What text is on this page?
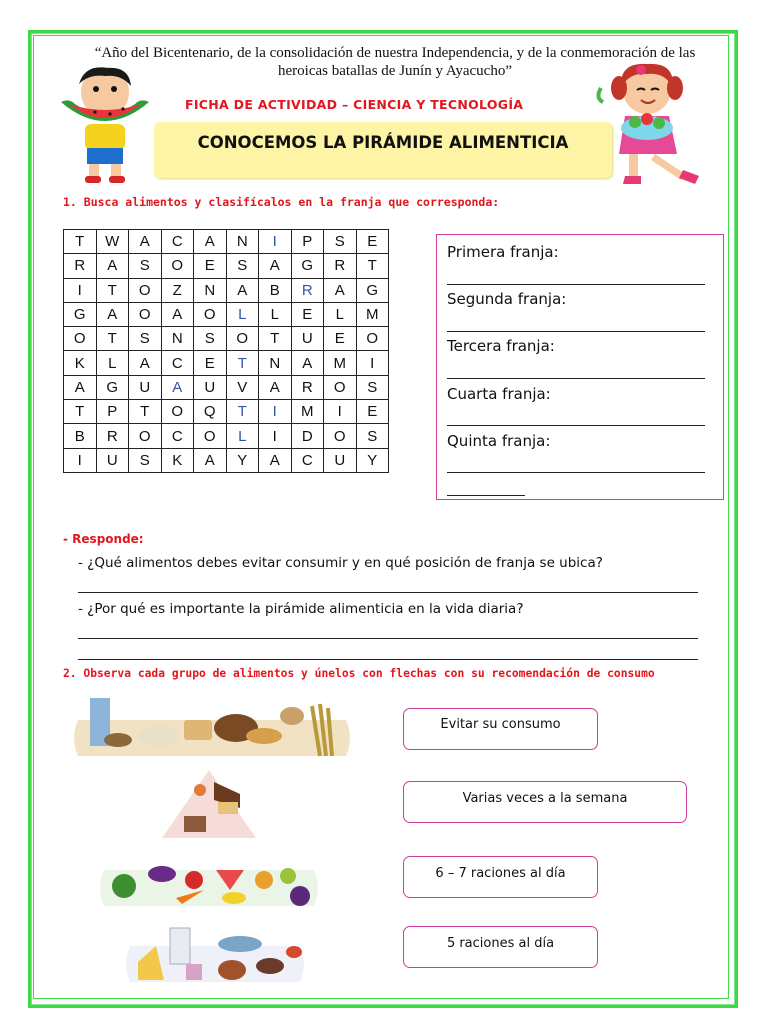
“Año del Bicentenario, de la consolidación de nuestra Independencia, y de la conmemoración de las
heroicas batallas de Junín y Ayacucho”
FICHA DE ACTIVIDAD – CIENCIA Y TECNOLOGÍA
CONOCEMOS LA PIRÁMIDE ALIMENTICIA
1. Busca alimentos y clasifícalos en la franja que corresponda:
T	W	A	C	A	N	I	P	S	E
R	A	S	O	E	S	A	G	R	T
I	T	O	Z	N	A	B	R	A	G
G	A	O	A	O	L	L	E	L	M
O	T	S	N	S	O	T	U	E	O
K	L	A	C	E	T	N	A	M	I
A	G	U	A	U	V	A	R	O	S
T	P	T	O	Q	T	I	M	I	E
B	R	O	C	O	L	I	D	O	S
I	U	S	K	A	Y	A	C	U	Y
Primera franja:
Segunda franja:
Tercera franja:
Cuarta franja:
Quinta franja:
- Responde:
- ¿Qué alimentos debes evitar consumir y en qué posición de franja se ubica?
- ¿Por qué es importante la pirámide alimenticia en la vida diaria?
2. Observa cada grupo de alimentos y únelos con flechas con su recomendación de consumo
Evitar su consumo
Varias veces a la semana
6 – 7 raciones al día
5 raciones al día
